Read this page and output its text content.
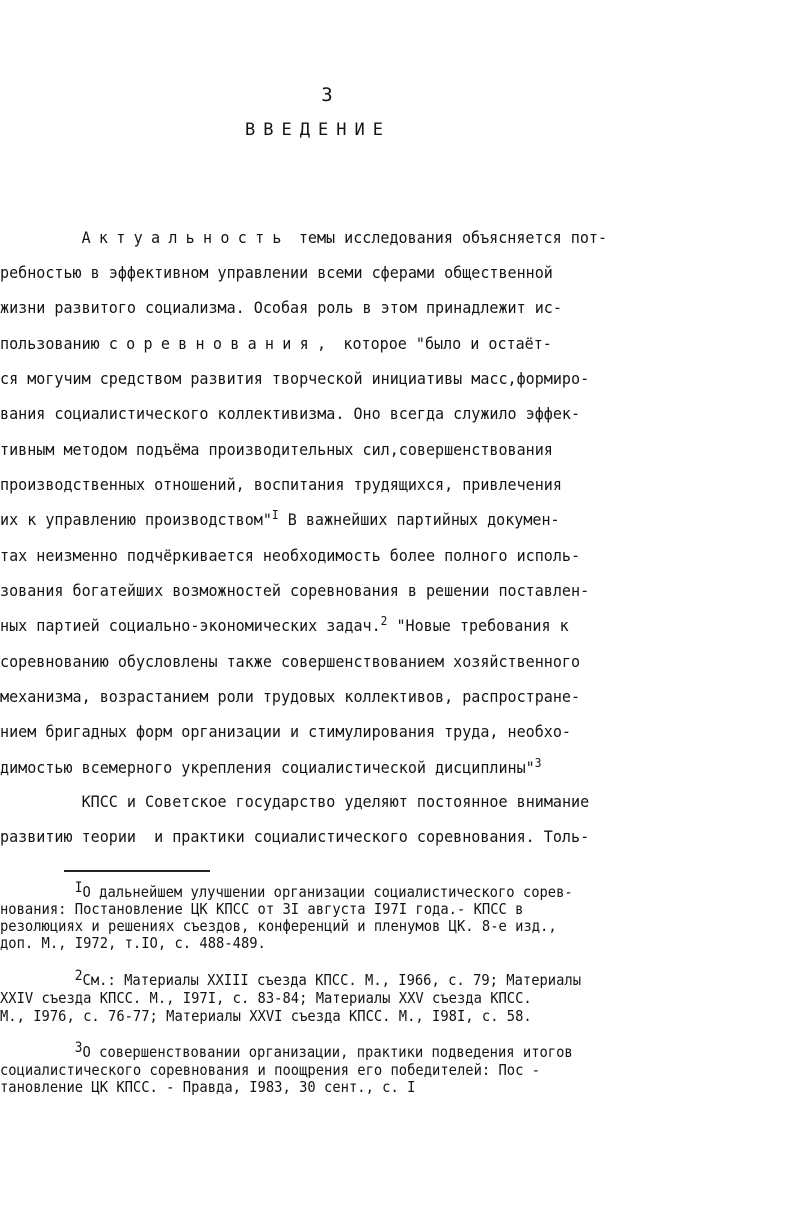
3
ВВЕДЕНИЕ
Актуальность темы исследования объясняется пот-
ребностью в эффективном управлении всеми сферами общественной
жизни развитого социализма. Особая роль в этом принадлежит ис-
пользованию соревнования, которое "было и остаёт-
ся могучим средством развития творческой инициативы масс,формиро-
вания социалистического коллективизма. Оно всегда служило эффек-
тивным методом подъёма производительных сил,совершенствования
производственных отношений, воспитания трудящихся, привлечения
их к управлению производством"$^I$ В важнейших партийных докумен-
тах неизменно подчёркивается необходимость более полного исполь-
зования богатейших возможностей соревнования в решении поставлен-
ных партией социально-экономических задач.$^2$ "Новые требования к
соревнованию обусловлены также совершенствованием хозяйственного
механизма, возрастанием роли трудовых коллективов, распростране-
нием бригадных форм организации и стимулирования труда, необхо-
димостью всемерного укрепления социалистической дисциплины"$^3$
КПСС и Советское государство уделяют постоянное внимание
развитию теории  и практики социалистического соревнования. Толь-
IО дальнейшем улучшении организации социалистического сорев-
нования: Постановление ЦК КПСС от 3I августа I97I года.- КПСС в
резолюциях и решениях съездов, конференций и пленумов ЦК. 8-е изд.,
доп. М., I972, т.IO, с. 488-489.
2См.: Материалы XXIII съезда КПСС. М., I966, с. 79; Материалы
XXIV съезда КПСС. М., I97I, с. 83-84; Материалы XXV съезда КПСС.
М., I976, с. 76-77; Материалы XXVI съезда КПСС. М., I98I, с. 58.
3О совершенствовании организации, практики подведения итогов
социалистического соревнования и поощрения его победителей: Пос -
тановление ЦК КПСС. - Правда, I983, 30 сент., с. I
